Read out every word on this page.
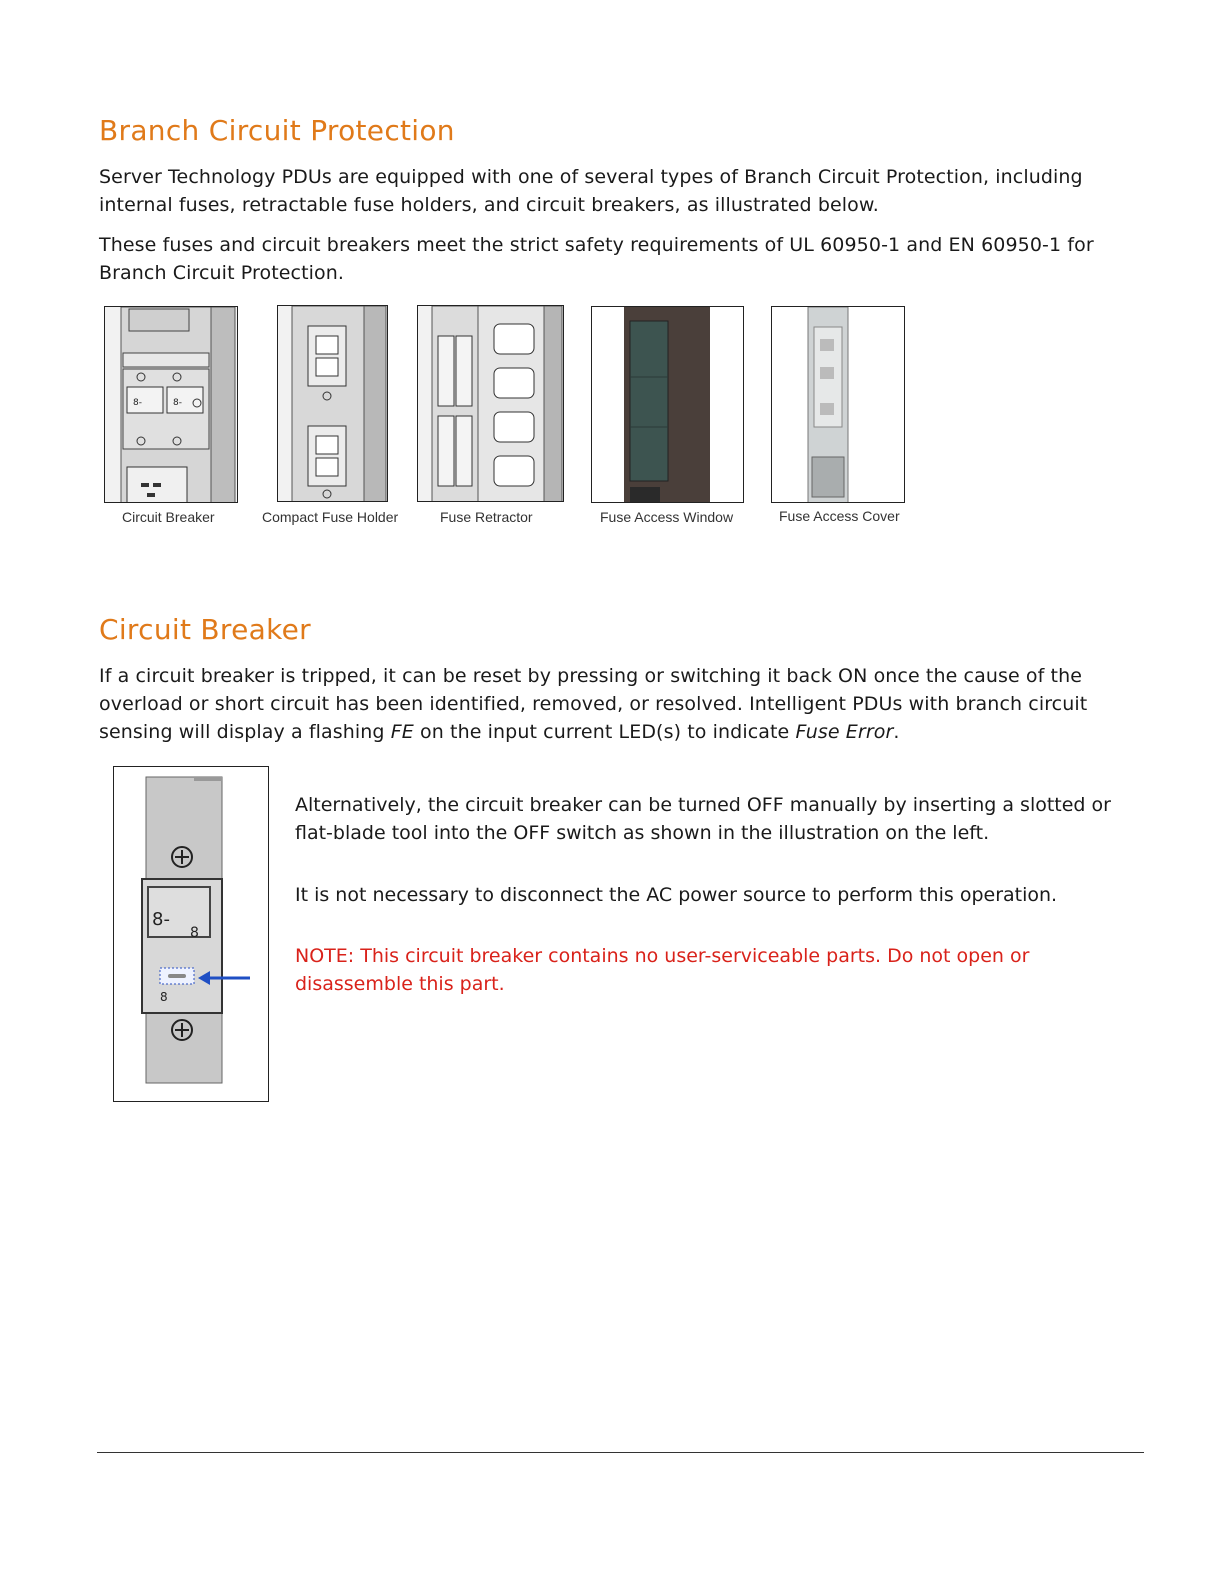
Branch Circuit Protection

Server Technology PDUs are equipped with one of several types of Branch Circuit Protection, including internal fuses, retractable fuse holders, and circuit breakers, as illustrated below.

These fuses and circuit breakers meet the strict safety requirements of UL 60950-1 and EN 60950-1 for Branch Circuit Protection.

8-	8-
Circuit Breaker	Compact Fuse Holder	Fuse Retractor	Fuse Access Window	Fuse Access Cover
Circuit Breaker

If a circuit breaker is tripped, it can be reset by pressing or switching it back ON once the cause of the overload or short circuit has been identified, removed, or resolved. Intelligent PDUs with branch circuit sensing will display a flashing FE on the input current LED(s) to indicate Fuse Error.

8-
8
8

Alternatively, the circuit breaker can be turned OFF manually by inserting a slotted or flat-blade tool into the OFF switch as shown in the illustration on the left.

It is not necessary to disconnect the AC power source to perform this operation.

NOTE: This circuit breaker contains no user-serviceable parts. Do not open or disassemble this part.
